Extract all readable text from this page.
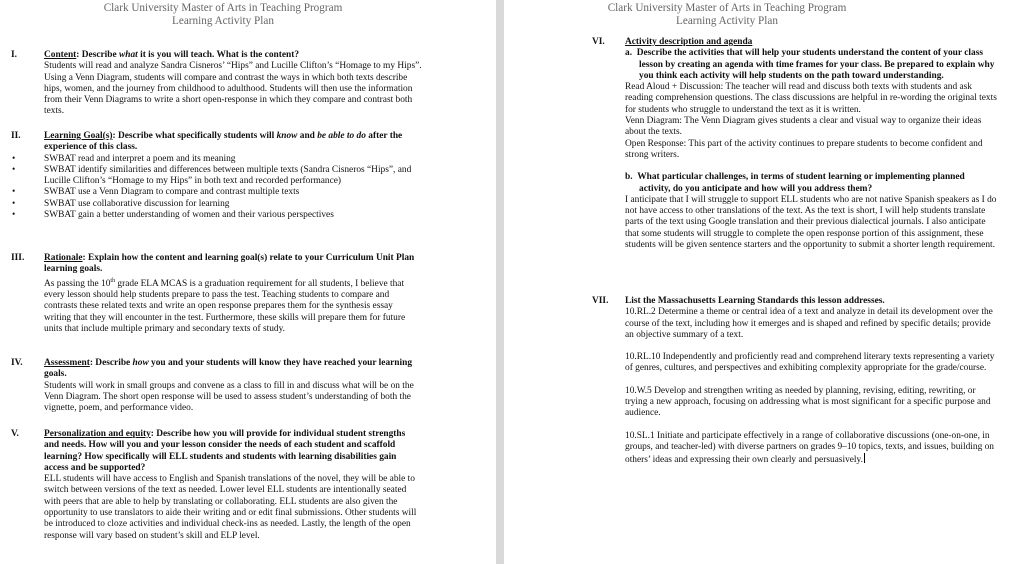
Clark University Master of Arts in Teaching Program
Learning Activity Plan
I.	Content: Describe what it is you will teach. What is the content?

Students will read and analyze Sandra Cisneros’ “Hips” and Lucille Clifton’s “Homage to my Hips”. Using a Venn Diagram, students will compare and contrast the ways in which both texts describe hips, women, and the journey from childhood to adulthood. Students will then use the information from their Venn Diagrams to write a short open-response in which they compare and contrast both texts.

II. Learning Goal(s): Describe what specifically students will know and be able to do after the experience of this class.

• SWBAT read and interpret a poem and its meaning

• SWBAT identify similarities and differences between multiple texts (Sandra Cisneros “Hips”, and Lucille Clifton’s “Homage to my Hips” in both text and recorded performance)

• SWBAT use a Venn Diagram to compare and contrast multiple texts

• SWBAT use collaborative discussion for learning

• SWBAT gain a better understanding of women and their various perspectives

III. Rationale: Explain how the content and learning goal(s) relate to your Curriculum Unit Plan learning goals.

As passing the 10th grade ELA MCAS is a graduation requirement for all students, I believe that every lesson should help students prepare to pass the test. Teaching students to compare and contrasts these related texts and write an open response prepares them for the synthesis essay writing that they will encounter in the test. Furthermore, these skills will prepare them for future units that include multiple primary and secondary texts of study.

IV. Assessment: Describe how you and your students will know they have reached your learning goals.

Students will work in small groups and convene as a class to fill in and discuss what will be on the Venn Diagram. The short open response will be used to assess student’s understanding of both the vignette, poem, and performance video.

V.	Personalization and equity: Describe how you will provide for individual student strengths and needs. How will you and your lesson consider the needs of each student and scaffold learning? How specifically will ELL students and students with learning disabilities gain access and be supported?

ELL students will have access to English and Spanish translations of the novel, they will be able to switch between versions of the text as needed. Lower level ELL students are intentionally seated with peers that are able to help by translating or collaborating. ELL students are also given the opportunity to use translators to aide their writing and or edit final submissions. Other students will be introduced to cloze activities and individual check-ins as needed. Lastly, the length of the open response will vary based on student’s skill and ELP level.

Clark University Master of Arts in Teaching Program
Learning Activity Plan
VI. Activity description and agenda

a. Describe the activities that will help your students understand the content of your class lesson by creating an agenda with time frames for your class. Be prepared to explain why you think each activity will help students on the path toward understanding.

Read Aloud + Discussion: The teacher will read and discuss both texts with students and ask reading comprehension questions. The class discussions are helpful in re-wording the original texts for students who struggle to understand the text as it is written.

Venn Diagram: The Venn Diagram gives students a clear and visual way to organize their ideas about the texts.

Open Response: This part of the activity continues to prepare students to become confident and strong writers.

b. What particular challenges, in terms of student learning or implementing planned activity, do you anticipate and how will you address them?

I anticipate that I will struggle to support ELL students who are not native Spanish speakers as I do not have access to other translations of the text. As the text is short, I will help students translate parts of the text using Google translation and their previous dialectical journals. I also anticipate that some students will struggle to complete the open response portion of this assignment, these students will be given sentence starters and the opportunity to submit a shorter length requirement.

VII. List the Massachusetts Learning Standards this lesson addresses.

10.RL.2 Determine a theme or central idea of a text and analyze in detail its development over the course of the text, including how it emerges and is shaped and refined by specific details; provide an objective summary of a text.

10.RL.10 Independently and proficiently read and comprehend literary texts representing a variety of genres, cultures, and perspectives and exhibiting complexity appropriate for the grade/course.

10.W.5 Develop and strengthen writing as needed by planning, revising, editing, rewriting, or trying a new approach, focusing on addressing what is most significant for a specific purpose and audience.

10.SL.1 Initiate and participate effectively in a range of collaborative discussions (one-on-one, in groups, and teacher-led) with diverse partners on grades 9–10 topics, texts, and issues, building on others’ ideas and expressing their own clearly and persuasively.
